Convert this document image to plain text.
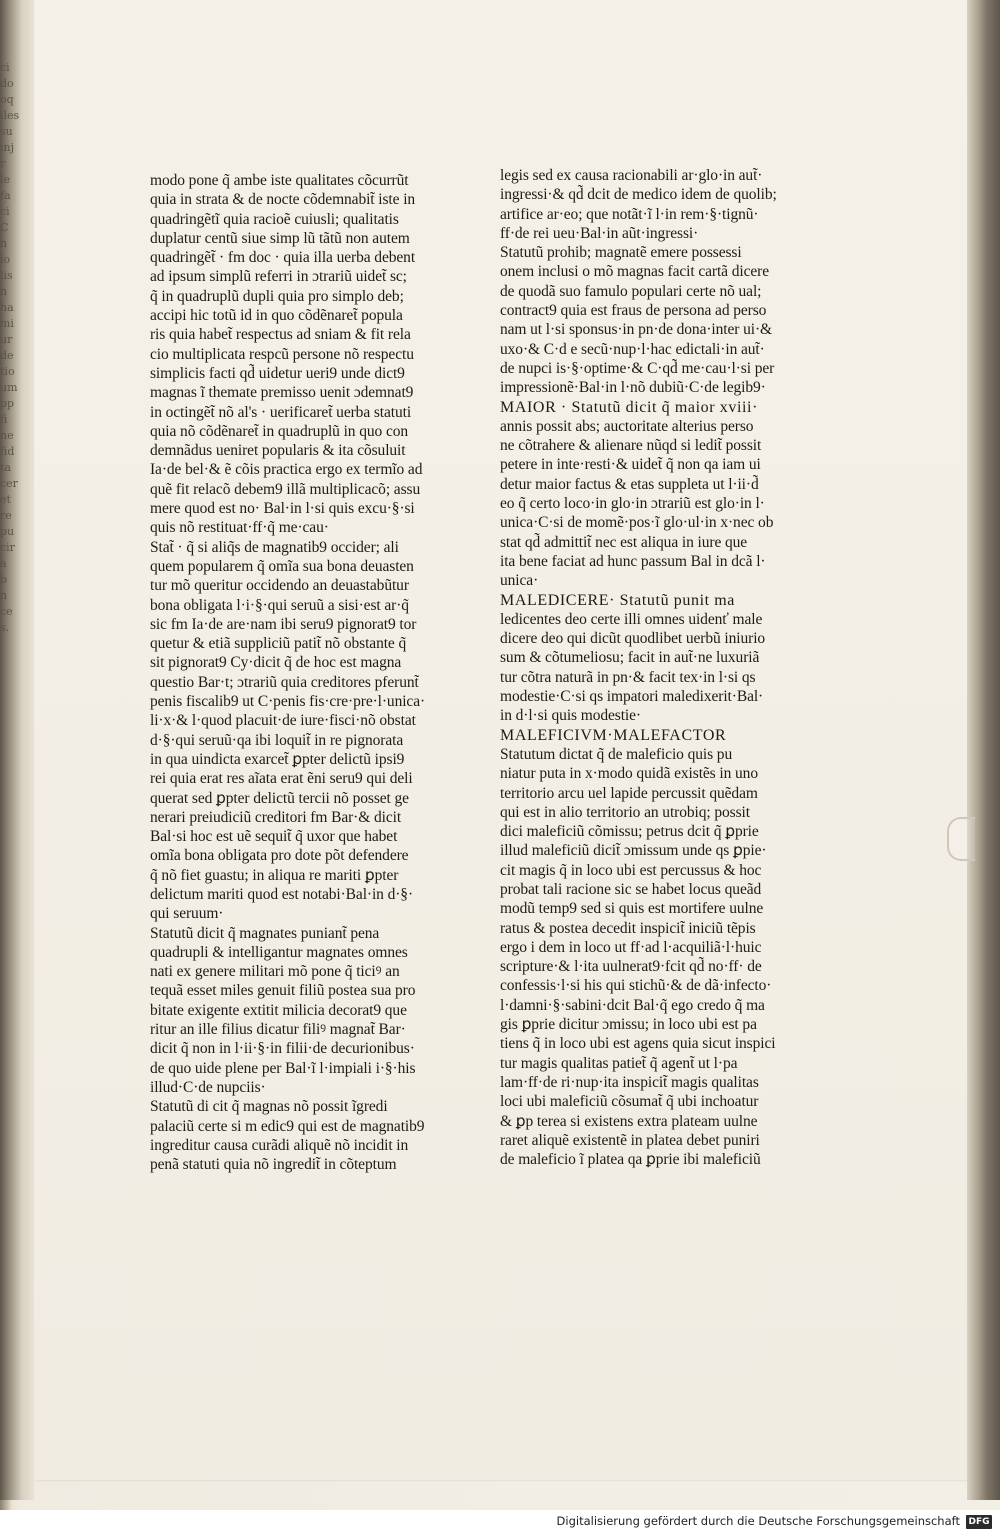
ci
do
oq
iles
su
inj
r
le
fa
ci
C
n
lo
lis
n
ha
mi
ur
de
tio
um
pp
fi
ne
fid
ta
cer
et
re
pu
cir
a
b
n
ce
s.
modo pone q̃ ambe iste qualitates cõcurrũt
quia in strata & de nocte cõdemnabit̃ iste in
quadringẽtĩ quia racioẽ cuiusli; qualitatis
duplatur centũ siue simp lũ tãtũ non autem
quadringẽt̃ · fm doc · quia illa uerba debent
ad ipsum simplũ referri in ɔtrariũ uidet̃ sc;
q̃ in quadruplũ dupli quia pro simplo deb;
accipi hic totũ id in quo cõdẽnaret̃ popula
ris quia habet̃ respectus ad sniam & fit rela
cio multiplicata respcũ persone nõ respectu
simplicis facti qd̃ uidetur ueri9 unde dict9
magnas ĩ themate premisso uenit ɔdemnat9
in octingẽt̃ nõ al's · uerificaret̃ uerba statuti
quia nõ cõdẽnaret̃ in quadruplũ in quo con
demnãdus ueniret popularis & ita cõsuluit
Ia·de bel·& ẽ cõis practica ergo ex termĩo ad
quẽ fit relacõ debem9 illã multiplicacõ; assu
mere quod est no· Bal·in l·si quis excu·§·si
quis nõ restituat·ff·q̃ me·cau·
Stat̃ · q̃ si aliq̃s de magnatib9 occider; ali
quem popularem q̃ omĩa sua bona deuasten
tur mõ queritur occidendo an deuastabũtur
bona obligata l·i·§·qui seruũ a sisi·est ar·q̃
sic fm Ia·de are·nam ibi seru9 pignorat9 tor
quetur & etiã suppliciũ patit̃ nõ obstante q̃
sit pignorat9 Cy·dicit q̃ de hoc est magna
questio Bar·t; ɔtrariũ quia creditores pferunt̃
penis fiscalib9 ut C·penis fis·cre·pre·l·unica·
li·x·& l·quod placuit·de iure·fisci·nõ obstat
d·§·qui seruũ·qa ibi loquit̃ in re pignorata
in qua uindicta exarcet̃ ꝑpter delictũ ipsi9
rei quia erat res aĩata erat ẽni seru9 qui deli
querat sed ꝑpter delictũ tercii nõ posset ge
nerari preiudiciũ creditori fm Bar·& dicit
Bal·si hoc est uẽ sequit̃ q̃ uxor que habet
omĩa bona obligata pro dote põt defendere
q̃ nõ fiet guastu; in aliqua re mariti ꝑpter
delictum mariti quod est notabi·Bal·in d·§·
qui seruum·
Statutũ dicit q̃ magnates puniant̃ pena
quadrupli & intelligantur magnates omnes
nati ex genere militari mõ pone q̃ ticiꝰ an
tequã esset miles genuit filiũ postea sua pro
bitate exigente extitit milicia decorat9 que
ritur an ille filius dicatur filiꝰ magnat̃ Bar·
dicit q̃ non in l·ii·§·in filii·de decurionibus·
de quo uide plene per Bal·ĩ l·impiali i·§·his
illud·C·de nupciis·
Statutũ di cit q̃ magnas nõ possit ĩgredi
palaciũ certe si m edic9 qui est de magnatib9
ingreditur causa curãdi aliquẽ nõ incidit in
penã statuti quia nõ ingredit̃ in cõteptum
legis sed ex causa racionabili ar·glo·in aut̃·
ingressi·& qd̃ dcit de medico idem de quolib;
artifice ar·eo; que notãt·ĩ l·in rem·§·tignũ·
ff·de rei ueu·Bal·in aũt·ingressi·
Statutũ prohib; magnatẽ emere possessi
onem inclusi o mõ magnas facit cartã dicere
de quodã suo famulo populari certe nõ ual;
contract9 quia est fraus de persona ad perso
nam ut l·si sponsus·in pn·de dona·inter ui·&
uxo·& C·d e secũ·nup·l·hac edictali·in aut̃·
de nupci is·§·optime·& C·qd̃ me·cau·l·si per
impressionẽ·Bal·in l·nõ dubiũ·C·de legib9·
MAIOR · Statutũ dicit q̃ maior xviii·
annis possit abs; auctoritate alterius perso
ne cõtrahere & alienare nũqd si ledit̃ possit
petere in inte·resti·& uidet̃ q̃ non qa iam ui
detur maior factus & etas suppleta ut l·ii·d̃
eo q̃ certo loco·in glo·in ɔtrariũ est glo·in l·
unica·C·si de momẽ·pos·ĩ glo·ul·in x·nec ob
stat qd̃ admittit̃ nec est aliqua in iure que
ita bene faciat ad hunc passum Bal in dcã l·
unica·
MALEDICERE· Statutũ punit ma
ledicentes deo certe illi omnes uidenť male
dicere deo qui dicũt quodlibet uerbũ iniurio
sum & cõtumeliosu; facit in aut̃·ne luxuriã
tur cõtra naturã in pn·& facit tex·in l·si qs
modestie·C·si qs impatori maledixerit·Bal·
in d·l·si quis modestie·
MALEFICIVM·MALEFACTOR
Statutum dictat q̃ de maleficio quis pu
niatur puta in x·modo quidã existẽs in uno
territorio arcu uel lapide percussit quẽdam
qui est in alio territorio an utrobiq; possit
dici maleficiũ cõmissu; petrus dcit q̃ ꝑprie
illud maleficiũ dicit̃ ɔmissum unde qs ꝑpie·
cit magis q̃ in loco ubi est percussus & hoc
probat tali racione sic se habet locus queãd
modũ temp9 sed si quis est mortifere uulne
ratus & postea decedit inspicit̃ iniciũ tẽpis
ergo i dem in loco ut ff·ad l·acquiliã·l·huic
scripture·& l·ita uulnerat9·fcit qd̃ no·ff· de
confessis·l·si his qui stichũ·& de dã·infecto·
l·damni·§·sabini·dcit Bal·q̃ ego credo q̃ ma
gis ꝑprie dicitur ɔmissu; in loco ubi est pa
tiens q̃ in loco ubi est agens quia sicut inspici
tur magis qualitas patiet̃ q̃ agent̃ ut l·pa
lam·ff·de ri·nup·ita inspicit̃ magis qualitas
loci ubi maleficiũ cõsumat̃ q̃ ubi inchoatur
& ꝑp terea si existens extra plateam uulne
raret aliquẽ existentẽ in platea debet puniri
de maleficio ĩ platea qa ꝑprie ibi maleficiũ
Digitalisierung gefördert durch die Deutsche Forschungsgemeinschaft DFG
